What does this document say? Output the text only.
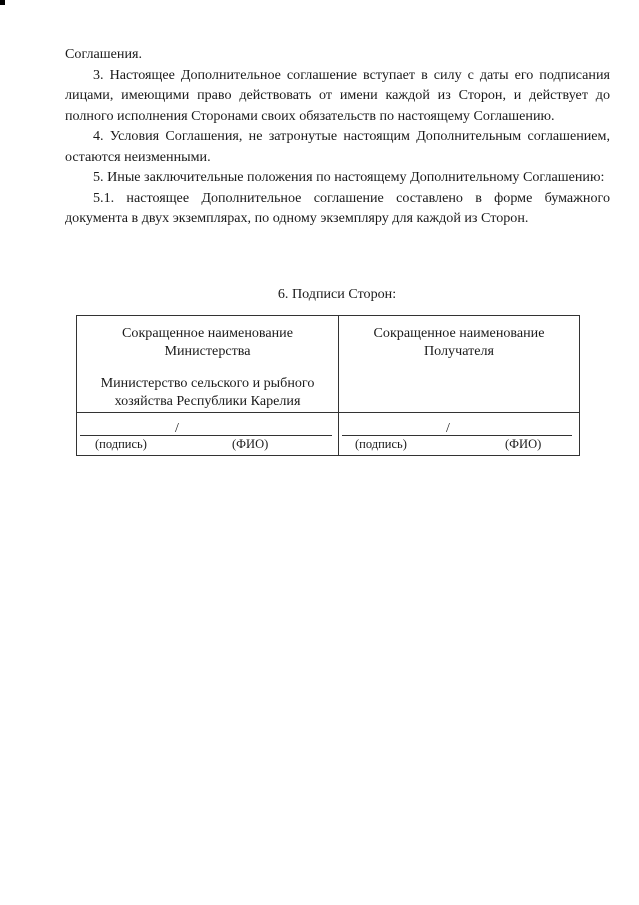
Соглашения.

3. Настоящее Дополнительное соглашение вступает в силу с даты его подписания лицами, имеющими право действовать от имени каждой из Сторон, и действует до полного исполнения Сторонами своих обязательств по настоящему Соглашению.

4. Условия Соглашения, не затронутые настоящим Дополнительным соглашением, остаются неизменными.

5. Иные заключительные положения по настоящему Дополнительному Соглашению:

5.1. настоящее Дополнительное соглашение составлено в форме бумажного документа в двух экземплярах, по одному экземпляру для каждой из Сторон.

6. Подписи Сторон:
Сокращенное наименование
Министерства
Министерство сельского и рыбного
хозяйства Республики Карелия
Сокращенное наименование
Получателя
/
(подпись)	(ФИО)
/
(подпись)	(ФИО)
